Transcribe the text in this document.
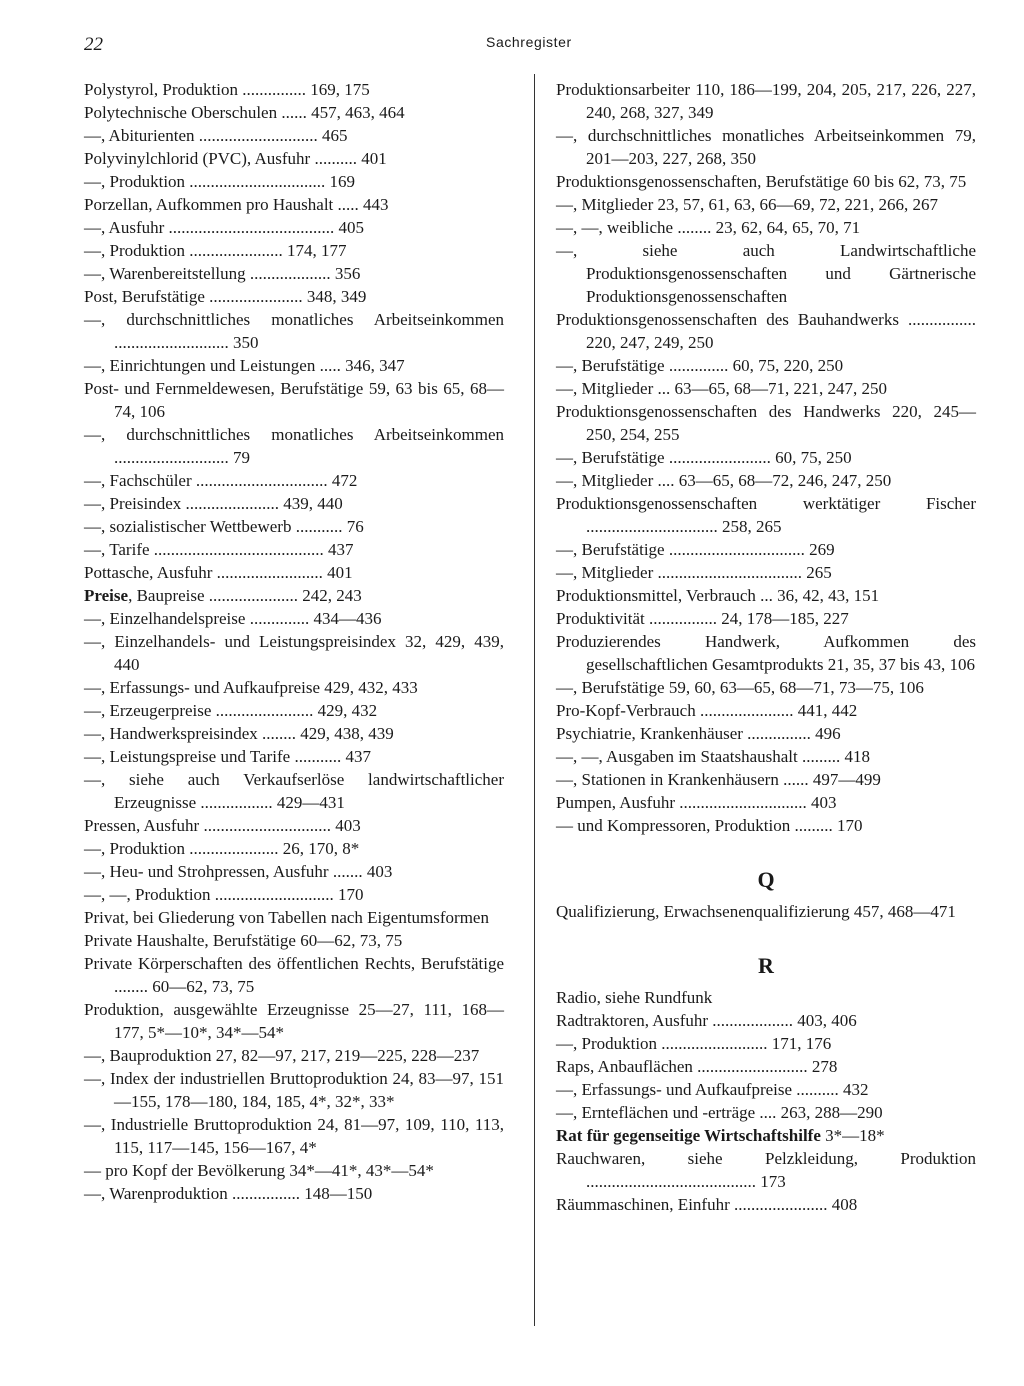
22	Sachregister
Polystyrol, Produktion ............... 169, 175
Polytechnische Oberschulen ...... 457, 463, 464
—, Abiturienten ............................ 465
Polyvinylchlorid (PVC), Ausfuhr .......... 401
—, Produktion ................................ 169
Porzellan, Aufkommen pro Haushalt ..... 443
—, Ausfuhr ....................................... 405
—, Produktion ...................... 174, 177
—, Warenbereitstellung ................... 356
Post, Berufstätige ...................... 348, 349
—, durchschnittliches monatliches Arbeitseinkommen ........................... 350
—, Einrichtungen und Leistungen ..... 346, 347
Post- und Fernmeldewesen, Berufstätige 59, 63 bis 65, 68—74, 106
—, durchschnittliches monatliches Arbeitseinkommen ........................... 79
—, Fachschüler ............................... 472
—, Preisindex ...................... 439, 440
—, sozialistischer Wettbewerb ........... 76
—, Tarife ........................................ 437
Pottasche, Ausfuhr ......................... 401
Preise, Baupreise ..................... 242, 243
—, Einzelhandelspreise .............. 434—436
—, Einzelhandels- und Leistungspreisindex 32, 429, 439, 440
—, Erfassungs- und Aufkaufpreise 429, 432, 433
—, Erzeugerpreise ....................... 429, 432
—, Handwerkspreisindex ........ 429, 438, 439
—, Leistungspreise und Tarife ........... 437
—, siehe auch Verkaufserlöse landwirtschaftlicher Erzeugnisse ................. 429—431
Pressen, Ausfuhr .............................. 403
—, Produktion ..................... 26, 170, 8*
—, Heu- und Strohpressen, Ausfuhr ....... 403
—, —, Produktion ............................ 170
Privat, bei Gliederung von Tabellen nach Eigentumsformen
Private Haushalte, Berufstätige 60—62, 73, 75
Private Körperschaften des öffentlichen Rechts, Berufstätige ........ 60—62, 73, 75
Produktion, ausgewählte Erzeugnisse 25—27, 111, 168—177, 5*—10*, 34*—54*
—, Bauproduktion 27, 82—97, 217, 219—225, 228—237
—, Index der industriellen Bruttoproduktion 24, 83—97, 151—155, 178—180, 184, 185, 4*, 32*, 33*
—, Industrielle Bruttoproduktion 24, 81—97, 109, 110, 113, 115, 117—145, 156—167, 4*
— pro Kopf der Bevölkerung 34*—41*, 43*—54*
—, Warenproduktion ................ 148—150
Produktionsarbeiter 110, 186—199, 204, 205, 217, 226, 227, 240, 268, 327, 349
—, durchschnittliches monatliches Arbeitseinkommen 79, 201—203, 227, 268, 350
Produktionsgenossenschaften, Berufstätige 60 bis 62, 73, 75
—, Mitglieder 23, 57, 61, 63, 66—69, 72, 221, 266, 267
—, —, weibliche ........ 23, 62, 64, 65, 70, 71
—, siehe auch Landwirtschaftliche Produktionsgenossenschaften und Gärtnerische Produktionsgenossenschaften
Produktionsgenossenschaften des Bauhandwerks ................ 220, 247, 249, 250
—, Berufstätige .............. 60, 75, 220, 250
—, Mitglieder ... 63—65, 68—71, 221, 247, 250
Produktionsgenossenschaften des Handwerks 220, 245—250, 254, 255
—, Berufstätige ........................ 60, 75, 250
—, Mitglieder .... 63—65, 68—72, 246, 247, 250
Produktionsgenossenschaften werktätiger Fischer ............................... 258, 265
—, Berufstätige ................................ 269
—, Mitglieder .................................. 265
Produktionsmittel, Verbrauch ... 36, 42, 43, 151
Produktivität ................ 24, 178—185, 227
Produzierendes Handwerk, Aufkommen des gesellschaftlichen Gesamtprodukts 21, 35, 37 bis 43, 106
—, Berufstätige 59, 60, 63—65, 68—71, 73—75, 106
Pro-Kopf-Verbrauch ...................... 441, 442
Psychiatrie, Krankenhäuser ............... 496
—, —, Ausgaben im Staatshaushalt ......... 418
—, Stationen in Krankenhäusern ...... 497—499
Pumpen, Ausfuhr .............................. 403
— und Kompressoren, Produktion ......... 170
Q
Qualifizierung, Erwachsenenqualifizierung 457, 468—471
R
Radio, siehe Rundfunk
Radtraktoren, Ausfuhr ................... 403, 406
—, Produktion ......................... 171, 176
Raps, Anbauflächen .......................... 278
—, Erfassungs- und Aufkaufpreise .......... 432
—, Ernteflächen und -erträge .... 263, 288—290
Rat für gegenseitige Wirtschaftshilfe 3*—18*
Rauchwaren, siehe Pelzkleidung, Produktion ........................................ 173
Räummaschinen, Einfuhr ...................... 408
